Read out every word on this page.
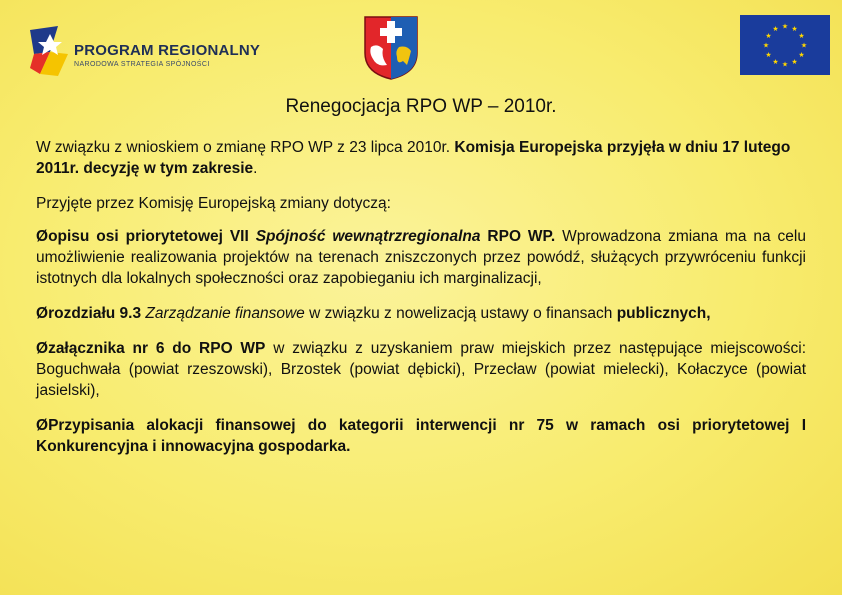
PROGRAM REGIONALNY
NARODOWA STRATEGIA SPÓJNOŚCI
★ ★
★
★
★
★
★
★
★
★
★
★
Renegocjacja RPO WP – 2010r.

W związku z wnioskiem o zmianę RPO WP z 23 lipca 2010r. Komisja Europejska przyjęła w dniu 17 lutego 2011r. decyzję w tym zakresie.

Przyjęte przez Komisję Europejską zmiany dotyczą:

Øopisu osi priorytetowej VII Spójność wewnątrzregionalna RPO WP. Wprowadzona zmiana ma na celu umożliwienie realizowania projektów na terenach zniszczonych przez powódź, służących przywróceniu funkcji istotnych dla lokalnych społeczności oraz zapobieganiu ich marginalizacji,

Ørozdziału 9.3 Zarządzanie finansowe w związku z nowelizacją ustawy o finansach publicznych,

Øzałącznika nr 6 do RPO WP w związku z uzyskaniem praw miejskich przez następujące miejscowości: Boguchwała (powiat rzeszowski), Brzostek (powiat dębicki), Przecław (powiat mielecki), Kołaczyce (powiat jasielski),

ØPrzypisania alokacji finansowej do kategorii interwencji nr 75 w ramach osi priorytetowej I Konkurencyjna i innowacyjna gospodarka.
